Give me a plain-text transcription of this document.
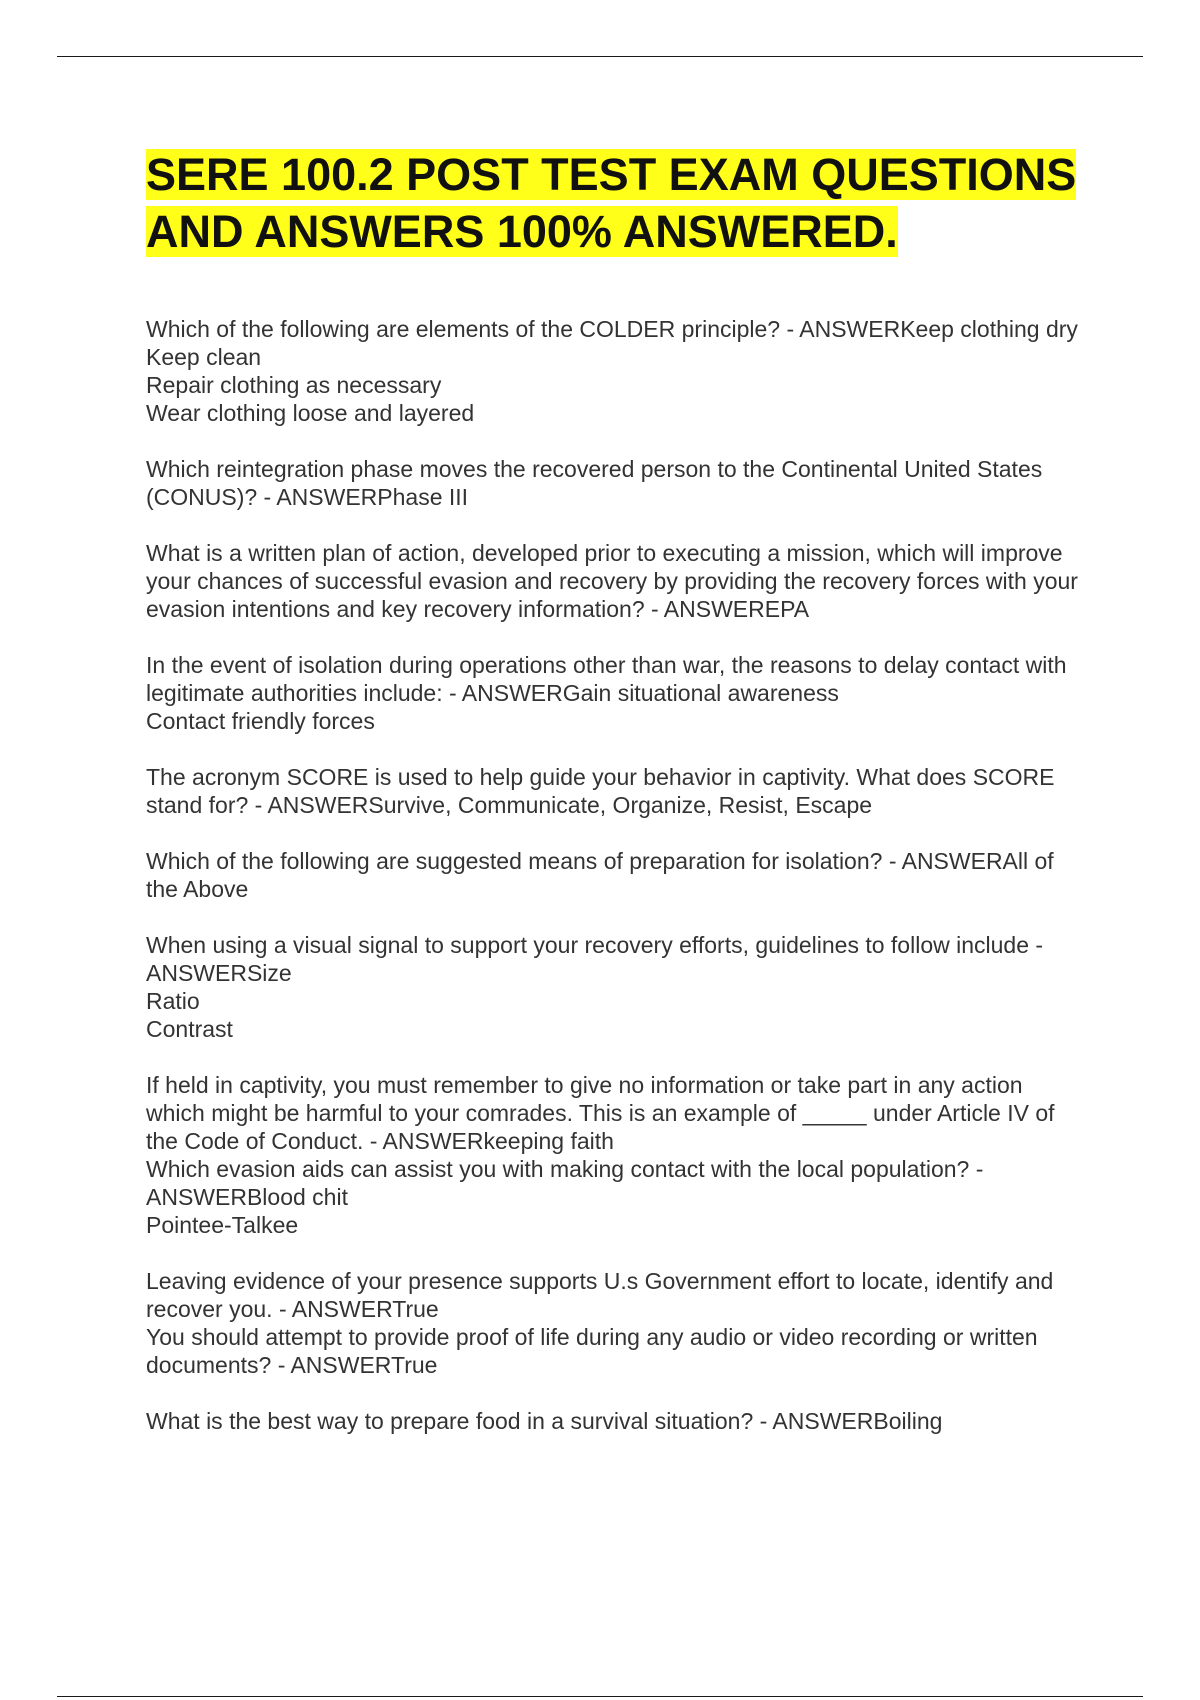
SERE 100.2 POST TEST EXAM QUESTIONS AND ANSWERS 100% ANSWERED.
Which of the following are elements of the COLDER principle? - ANSWERKeep clothing dry
Keep clean
Repair clothing as necessary
Wear clothing loose and layered
Which reintegration phase moves the recovered person to the Continental United States (CONUS)? - ANSWERPhase III
What is a written plan of action, developed prior to executing a mission, which will improve your chances of successful evasion and recovery by providing the recovery forces with your evasion intentions and key recovery information? - ANSWEREPA
In the event of isolation during operations other than war, the reasons to delay contact with legitimate authorities include: - ANSWERGain situational awareness
Contact friendly forces
The acronym SCORE is used to help guide your behavior in captivity. What does SCORE stand for? - ANSWERSurvive, Communicate, Organize, Resist, Escape
Which of the following are suggested means of preparation for isolation? - ANSWERAll of the Above
When using a visual signal to support your recovery efforts, guidelines to follow include - ANSWERSize
Ratio
Contrast
If held in captivity, you must remember to give no information or take part in any action which might be harmful to your comrades. This is an example of _____ under Article IV of the Code of Conduct. - ANSWERkeeping faith
Which evasion aids can assist you with making contact with the local population? - ANSWERBlood chit
Pointee-Talkee
Leaving evidence of your presence supports U.s Government effort to locate, identify and recover you. - ANSWERTrue
You should attempt to provide proof of life during any audio or video recording or written documents? - ANSWERTrue
What is the best way to prepare food in a survival situation? - ANSWERBoiling
